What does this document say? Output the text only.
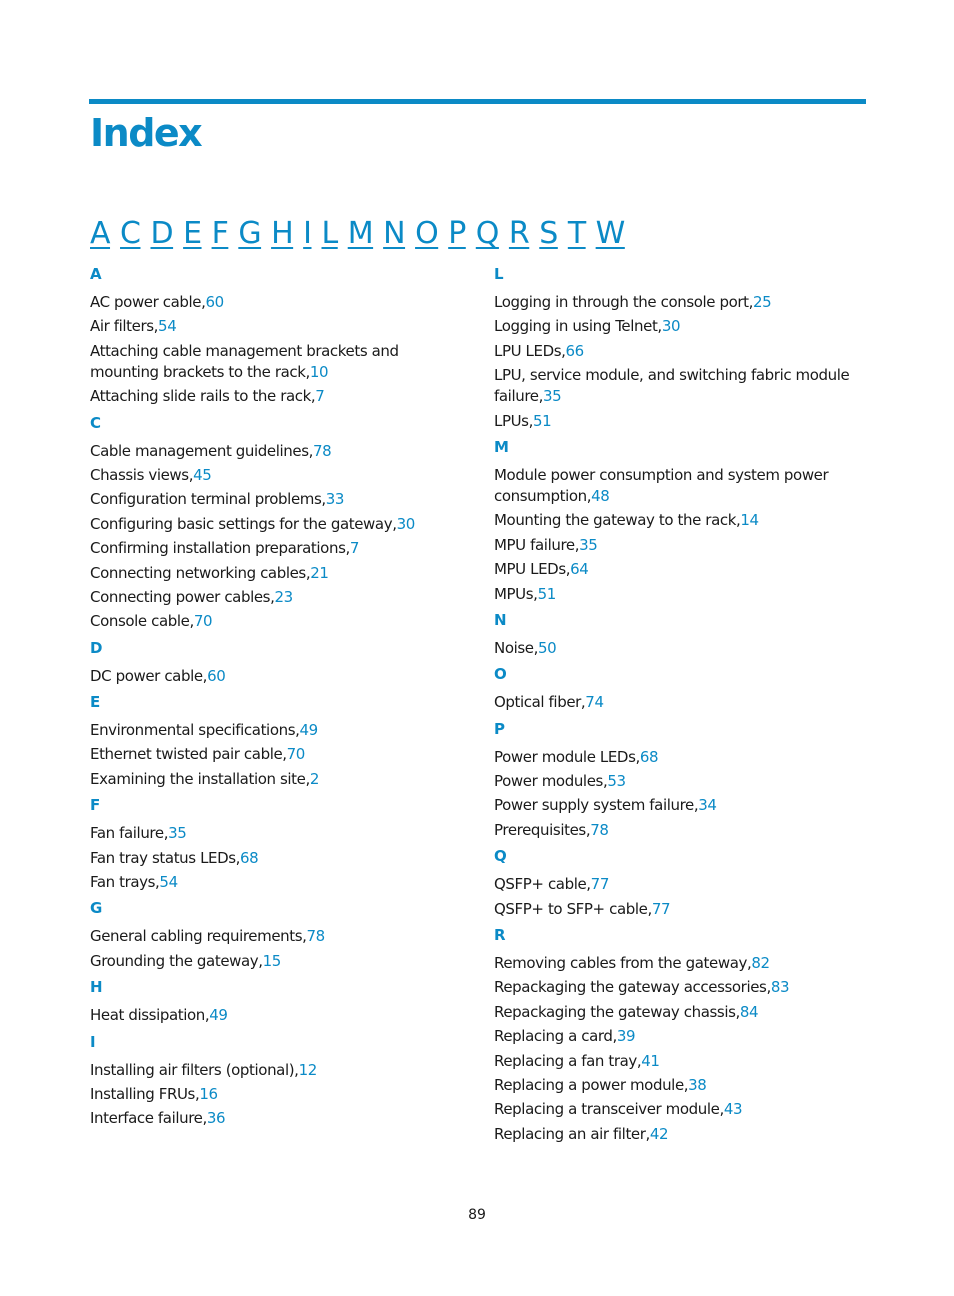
Index
A C D E F G H I L M N O P Q R S T W
A
AC power cable,60
Air filters,54
Attaching cable management brackets and mounting brackets to the rack,10
Attaching slide rails to the rack,7
C
Cable management guidelines,78
Chassis views,45
Configuration terminal problems,33
Configuring basic settings for the gateway,30
Confirming installation preparations,7
Connecting networking cables,21
Connecting power cables,23
Console cable,70
D
DC power cable,60
E
Environmental specifications,49
Ethernet twisted pair cable,70
Examining the installation site,2
F
Fan failure,35
Fan tray status LEDs,68
Fan trays,54
G
General cabling requirements,78
Grounding the gateway,15
H
Heat dissipation,49
I
Installing air filters (optional),12
Installing FRUs,16
Interface failure,36
L
Logging in through the console port,25
Logging in using Telnet,30
LPU LEDs,66
LPU, service module, and switching fabric module failure,35
LPUs,51
M
Module power consumption and system power consumption,48
Mounting the gateway to the rack,14
MPU failure,35
MPU LEDs,64
MPUs,51
N
Noise,50
O
Optical fiber,74
P
Power module LEDs,68
Power modules,53
Power supply system failure,34
Prerequisites,78
Q
QSFP+ cable,77
QSFP+ to SFP+ cable,77
R
Removing cables from the gateway,82
Repackaging the gateway accessories,83
Repackaging the gateway chassis,84
Replacing a card,39
Replacing a fan tray,41
Replacing a power module,38
Replacing a transceiver module,43
Replacing an air filter,42
89
